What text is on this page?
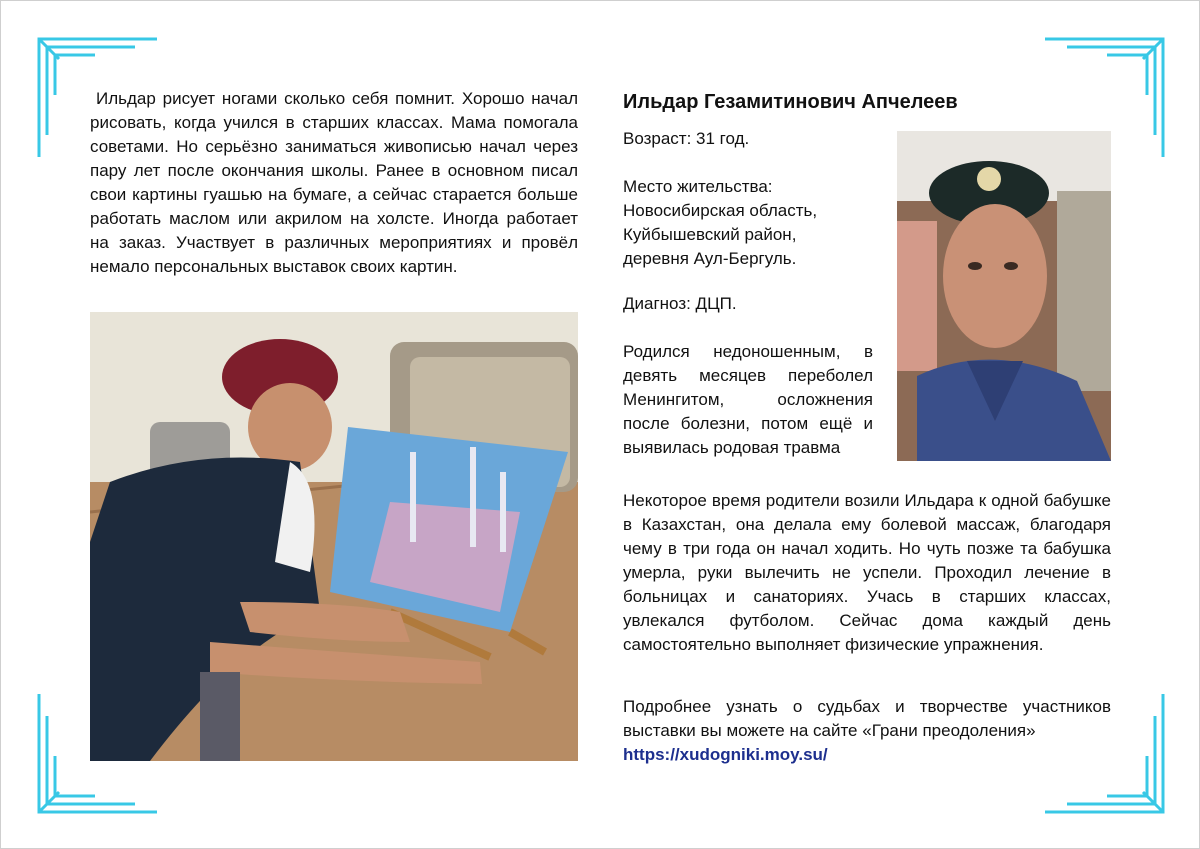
Ильдар рисует ногами сколько себя помнит. Хорошо начал рисовать, когда учился в старших классах. Мама помогала советами. Но серьёзно заниматься живописью начал через пару лет после окончания школы. Ранее в основном писал свои картины гуашью на бумаге, а сейчас старается больше работать маслом или акрилом на холсте. Иногда работает на заказ. Участвует в различных мероприятиях и провёл немало персональных выставок своих картин.

Ильдар Гезамитинович Апчелеев

Возраст: 31 год.

Место жительства:
Новосибирская область,
Куйбышевский район,
деревня Аул-Бергуль.

Диагноз: ДЦП.

Родился недоношенным, в девять месяцев переболел Менингитом, осложнения после болезни, потом ещё и выявилась родовая травма

Некоторое время родители возили Ильдара к одной бабушке в Казахстан, она делала ему болевой массаж, благодаря чему в три года он начал ходить. Но чуть позже та бабушка умерла, руки вылечить не успели. Проходил лечение в больницах и санаториях. Учась в старших классах, увлекался футболом. Сейчас дома каждый день самостоятельно выполняет физические упражнения.

Подробнее узнать о судьбах и творчестве участников выставки вы можете на сайте «Грани преодоления»
https://xudogniki.moy.su/
